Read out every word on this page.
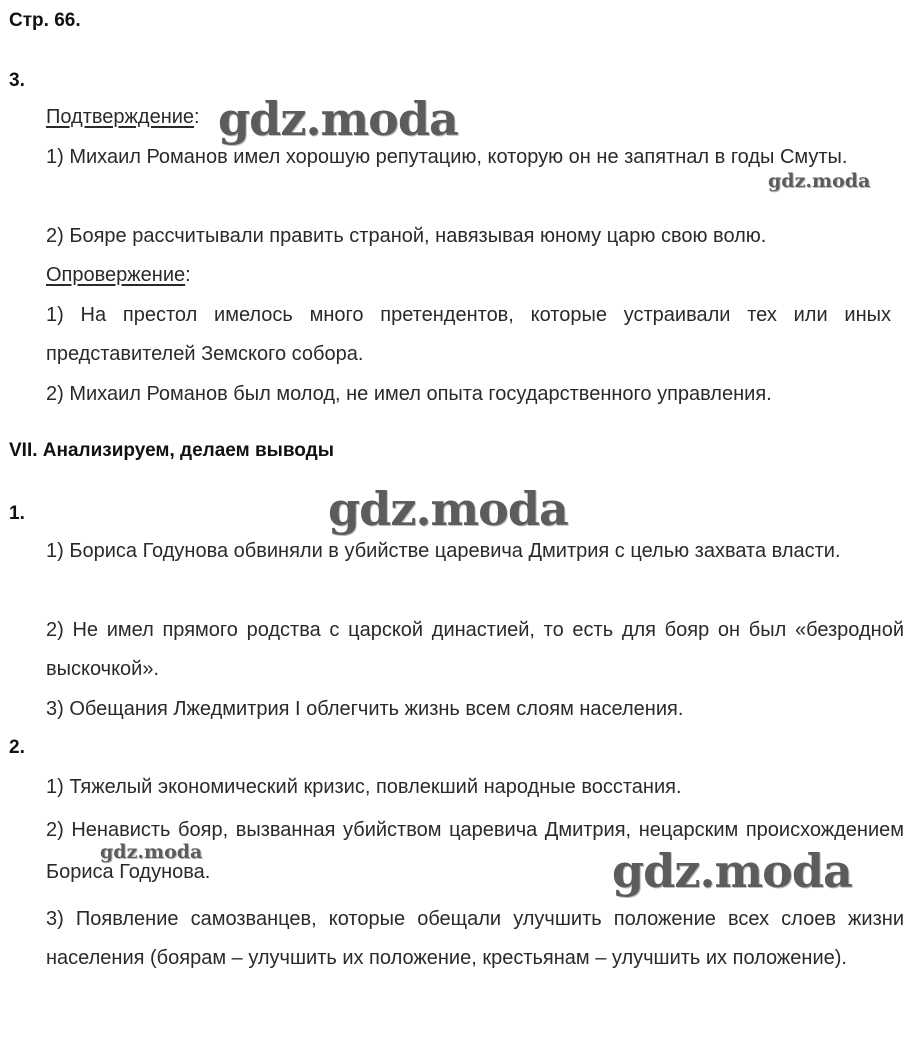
Стр. 66.
3.
Подтверждение:
1) Михаил Романов имел хорошую репутацию, которую он не запятнал в годы Смуты.
2) Бояре рассчитывали править страной, навязывая юному царю свою волю.
Опровержение:
1) На престол имелось много претендентов, которые устраивали тех или иных представителей Земского собора.
2) Михаил Романов был молод, не имел опыта государственного управления.
VII. Анализируем, делаем выводы
1.
1) Бориса Годунова обвиняли в убийстве царевича Дмитрия с целью захвата власти.
2) Не имел прямого родства с царской династией, то есть для бояр он был «безродной выскочкой».
3) Обещания Лжедмитрия I облегчить жизнь всем слоям населения.
2.
1) Тяжелый экономический кризис, повлекший народные восстания.
2) Ненависть бояр, вызванная убийством царевича Дмитрия, нецарским происхождением Бориса Годунова.
3) Появление самозванцев, которые обещали улучшить положение всех слоев жизни населения (боярам – улучшить их положение, крестьянам – улучшить их положение).
gdz.moda
gdz.moda
gdz.moda
gdz.moda	gdz.moda
